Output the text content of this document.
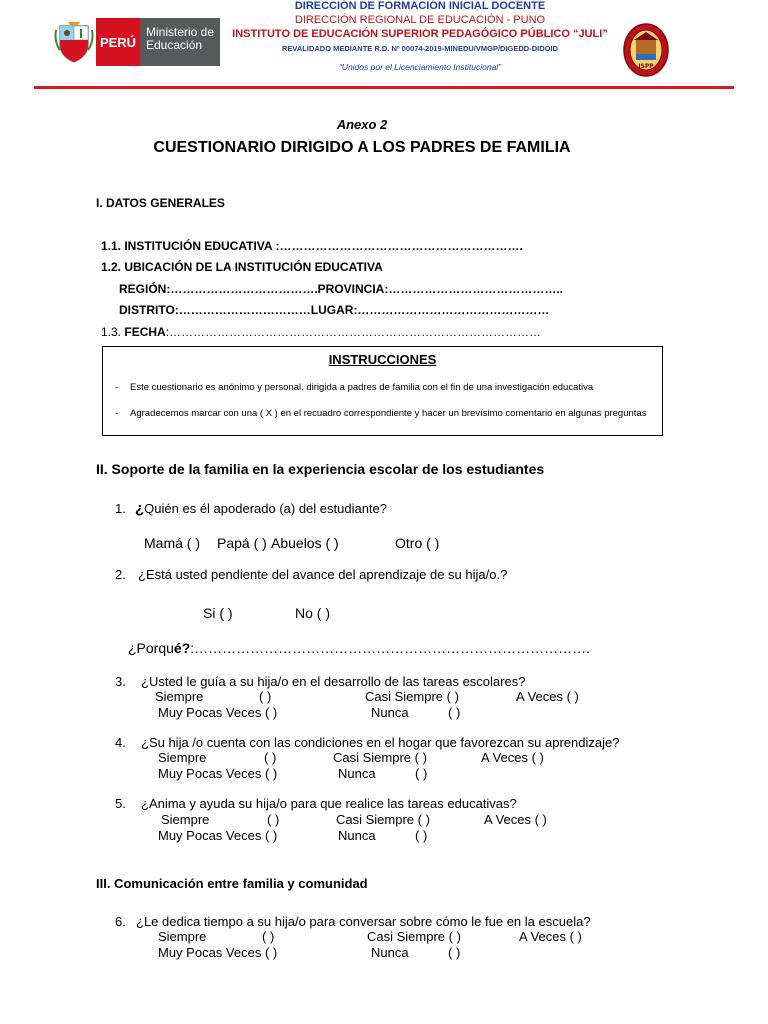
PERÚ
Ministerio de Educación
DIRECCIÓN DE FORMACIÓN INICIAL DOCENTE
DIRECCIÓN REGIONAL DE EDUCACIÓN - PUNO
INSTITUTO DE EDUCACIÓN SUPERIOR PEDAGÓGICO PÚBLICO “JULI”
REVALIDADO MEDIANTE R.D. Nº 00074-2019-MINEDU/VMGP/DIGEDD-DIDOID
“Unidos por el Licenciamiento Institucional”	ISPP
Anexo 2
CUESTIONARIO DIRIGIDO A LOS PADRES DE FAMILIA
I. DATOS GENERALES
1.1. INSTITUCIÓN EDUCATIVA :…………………………………………………….
1.2. UBICACIÓN DE LA INSTITUCIÓN EDUCATIVA
REGIÓN:……………………………….PROVINCIA:……………………………………..
DISTRITO:……………………………LUGAR:…………………………………………
1.3. FECHA:…………………………………………………………………………………
INSTRUCCIONES
- Este cuestionario es anónimo y personal, dirigida a padres de familia con el fin de una investigación educativa
- Agradecemos marcar con una ( X ) en el recuadro correspondiente y hacer un brevísimo comentario en algunas preguntas
II. Soporte de la familia en la experiencia escolar de los estudiantes
1. ¿Quién es él apoderado (a) del estudiante?
Mamá ( ) Papá ( ) Abuelos ( )	Otro ( )
2. ¿Está usted pendiente del avance del aprendizaje de su hija/o.?
Si ( )	No ( )
¿Porqué?:………………………………………………………………………….
3. ¿Usted le guía a su hija/o en el desarrollo de las tareas escolares?
Siempre	( )	Casi Siempre ( )	A Veces ( )
Muy Pocas Veces ( )	Nunca	( )
4. ¿Su hija /o cuenta con las condiciones en el hogar que favorezcan su aprendizaje?
Siempre	( )	Casi Siempre ( )	A Veces ( )
Muy Pocas Veces ( )	Nunca	( )
5. ¿Anima y ayuda su hija/o para que realice las tareas educativas?
Siempre	( )	Casi Siempre ( )	A Veces ( )
Muy Pocas Veces ( )	Nunca	( )
III. Comunicación entre familia y comunidad
6. ¿Le dedica tiempo a su hija/o para conversar sobre cómo le fue en la escuela?
Siempre	( )	Casi Siempre ( )	A Veces ( )
Muy Pocas Veces ( )	Nunca	( )
